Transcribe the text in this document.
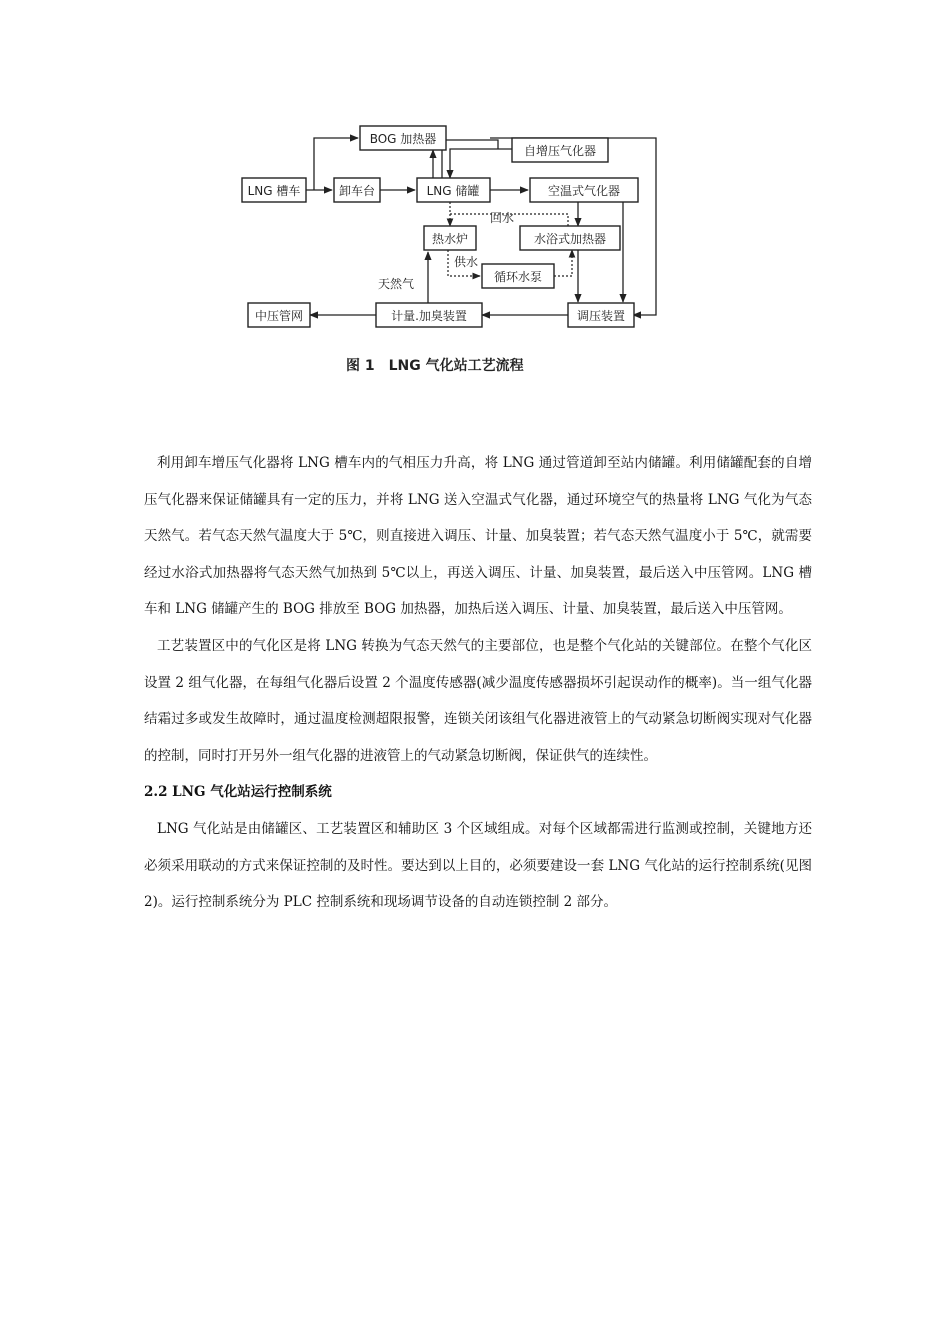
LNG 槽车	卸车台
BOG 加热器
自增压气化器
LNG 储罐	空温式气化器
热水炉	水浴式加热器
循环水泵
调压装置
计量.加臭装置
中压管网
回水
供水
天然气
图 1　LNG 气化站工艺流程

利用卸车增压气化器将 LNG 槽车内的气相压力升高，将 LNG 通过管道卸至站内储罐。利用储罐配套的自增压气化器来保证储罐具有一定的压力，并将 LNG 送入空温式气化器，通过环境空气的热量将 LNG 气化为气态天然气。若气态天然气温度大于 5℃，则直接进入调压、计量、加臭装置；若气态天然气温度小于 5℃，就需要经过水浴式加热器将气态天然气加热到 5℃以上，再送入调压、计量、加臭装置，最后送入中压管网。LNG 槽车和 LNG 储罐产生的 BOG 排放至 BOG 加热器，加热后送入调压、计量、加臭装置，最后送入中压管网。

工艺装置区中的气化区是将 LNG 转换为气态天然气的主要部位，也是整个气化站的关键部位。在整个气化区设置 2 组气化器，在每组气化器后设置 2 个温度传感器(减少温度传感器损坏引起误动作的概率)。当一组气化器结霜过多或发生故障时，通过温度检测超限报警，连锁关闭该组气化器进液管上的气动紧急切断阀实现对气化器的控制，同时打开另外一组气化器的进液管上的气动紧急切断阀，保证供气的连续性。

2.2 LNG 气化站运行控制系统

LNG 气化站是由储罐区、工艺装置区和辅助区 3 个区域组成。对每个区域都需进行监测或控制，关键地方还必须采用联动的方式来保证控制的及时性。要达到以上目的，必须要建设一套 LNG 气化站的运行控制系统(见图 2)。运行控制系统分为 PLC 控制系统和现场调节设备的自动连锁控制 2 部分。
